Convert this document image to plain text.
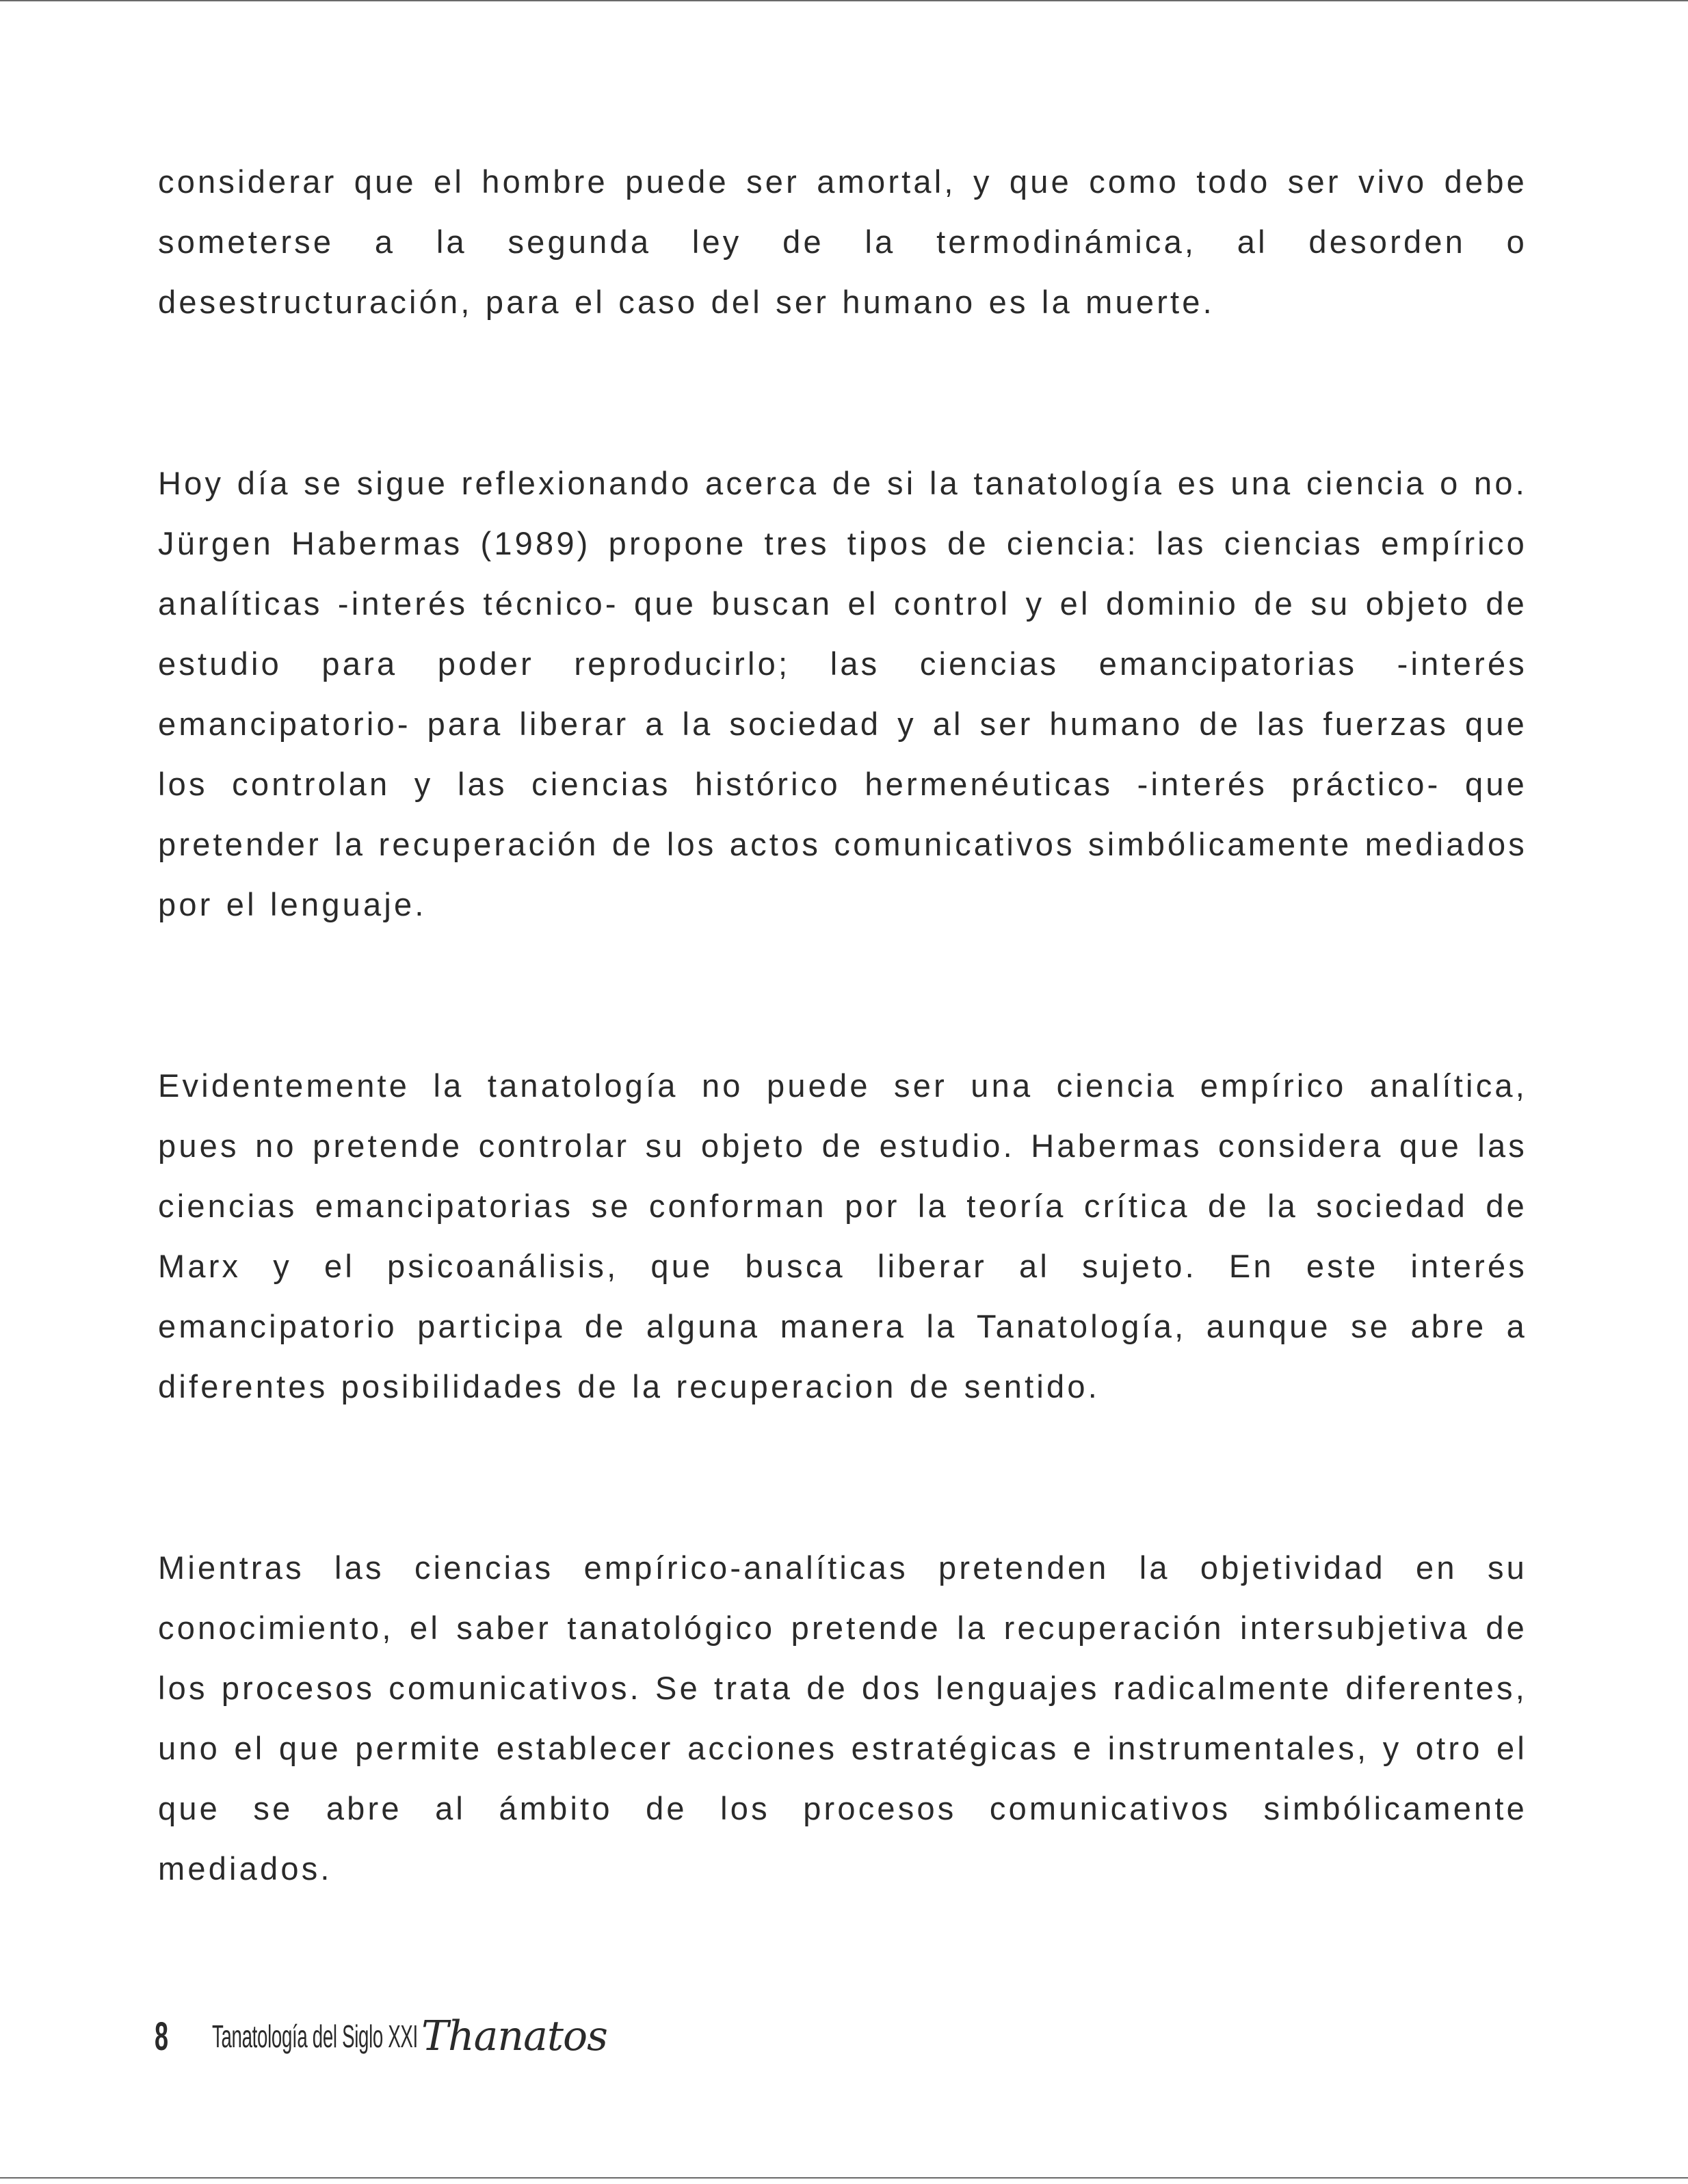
considerar que el hombre puede ser amortal, y que como todo ser vivo debe someterse a la segunda ley de la termodinámica, al desorden o desestructuración, para el caso del ser humano es la muerte.

Hoy día se sigue reflexionando acerca de si la tanatología es una ciencia o no. Jürgen Habermas (1989) propone tres tipos de ciencia: las ciencias empírico analíticas -interés técnico- que buscan el control y el dominio de su objeto de estudio para poder reproducirlo; las ciencias emancipatorias -interés emancipatorio- para liberar a la sociedad y al ser humano de las fuerzas que los controlan y las ciencias histórico hermenéuticas -interés práctico- que pretender la recuperación de los actos comunicativos simbólicamente mediados por el lenguaje.

Evidentemente la tanatología no puede ser una ciencia empírico analítica, pues no pretende controlar su objeto de estudio. Habermas considera que las ciencias emancipatorias se conforman por la teoría crítica de la sociedad de Marx y el psicoanálisis, que busca liberar al sujeto. En este interés emancipatorio participa de alguna manera la Tanatología, aunque se abre a diferentes posibilidades de la recuperacion de sentido.

Mientras las ciencias empírico-analíticas pretenden la objetividad en su conocimiento, el saber tanatológico pretende la recuperación intersubjetiva de los procesos comunicativos. Se trata de dos lenguajes radicalmente diferentes, uno el que permite establecer acciones estratégicas e instrumentales, y otro el que se abre al ámbito de los procesos comunicativos simbólicamente mediados.

8 Tanatología del Siglo XXI Thanatos
